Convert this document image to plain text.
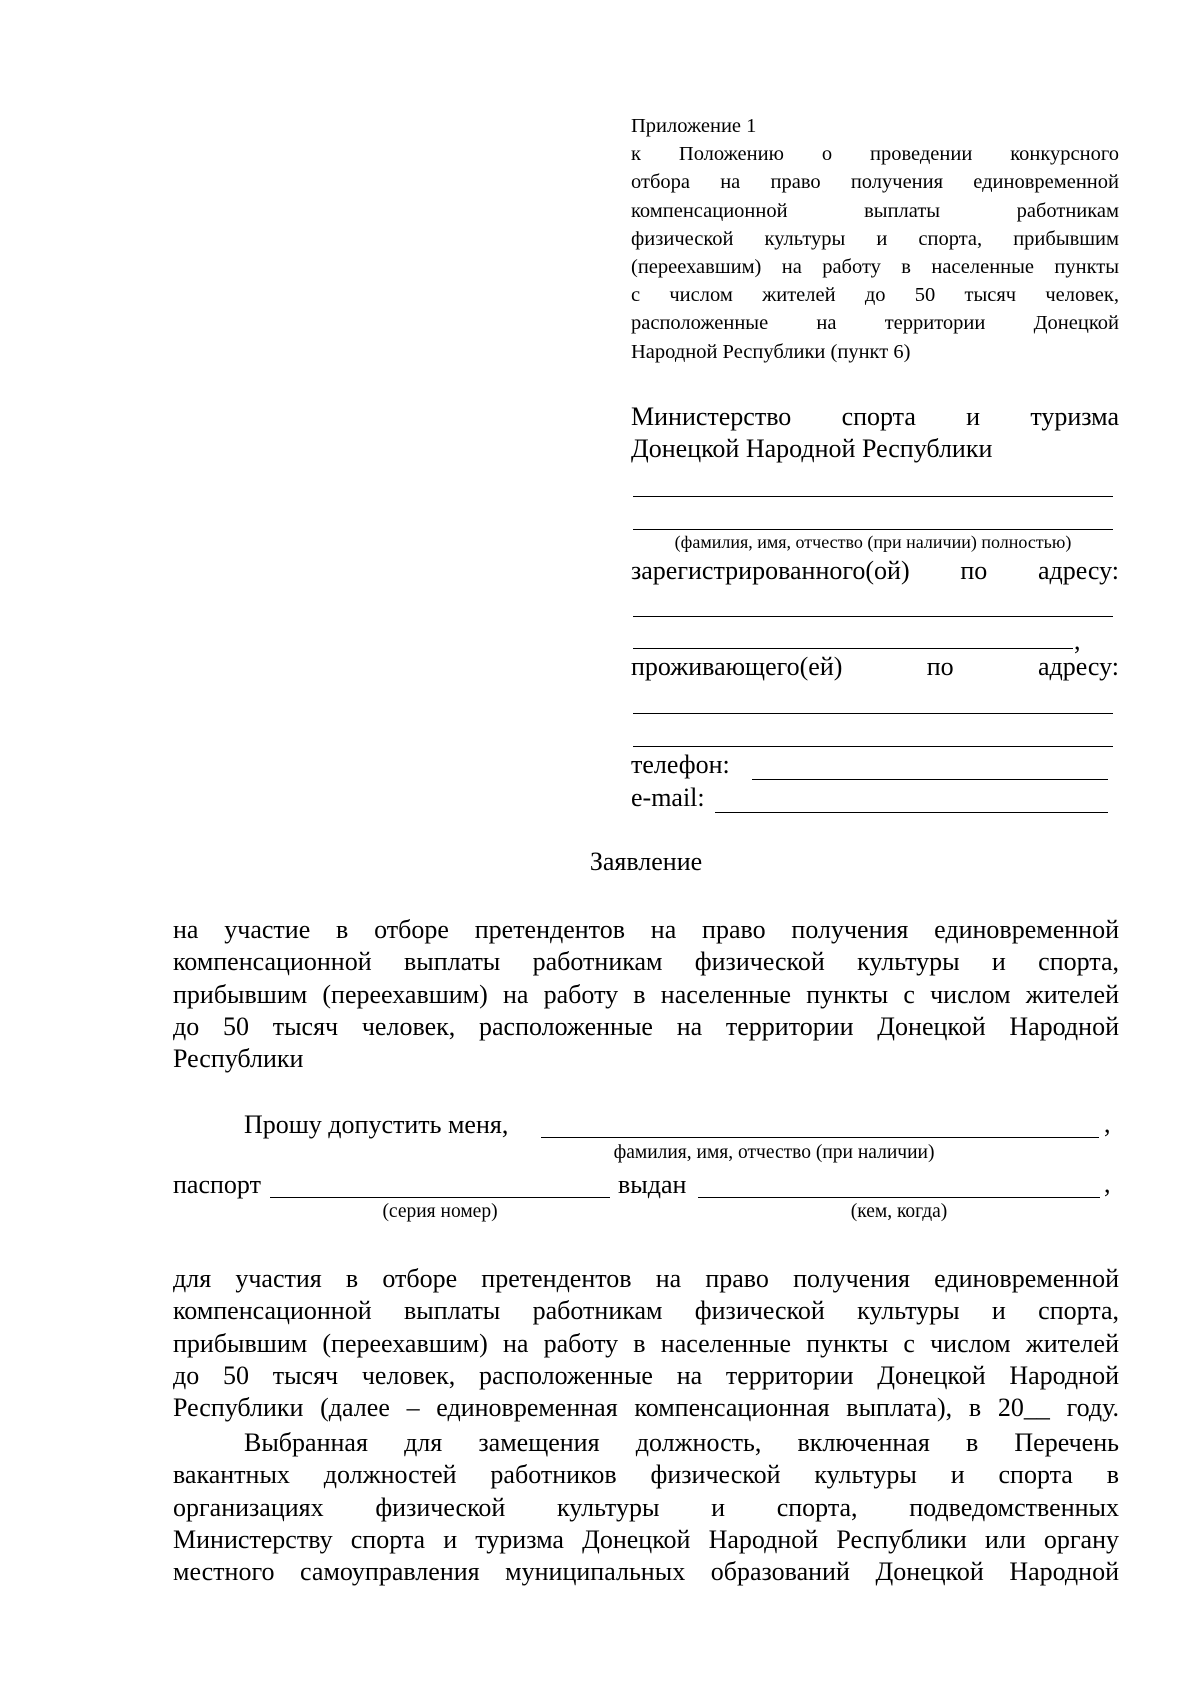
Приложение 1
к Положению о проведении конкурсного
отбора на право получения единовременной
компенсационной выплаты работникам
физической культуры и спорта, прибывшим
(переехавшим) на работу в населенные пункты
с числом жителей до 50 тысяч человек,
расположенные на территории Донецкой
Народной Республики (пункт 6)
Министерство спорта и туризма
Донецкой Народной Республики
(фамилия, имя, отчество (при наличии) полностью)
зарегистрированного(ой) по адресу:
,
проживающего(ей) по адресу:
телефон:
e-mail:
Заявление
на участие в отборе претендентов на право получения единовременной
компенсационной выплаты работникам физической культуры и спорта,
прибывшим (переехавшим) на работу в населенные пункты с числом жителей
до 50 тысяч человек, расположенные на территории Донецкой Народной
Республики
Прошу допустить меня,	,
фамилия, имя, отчество (при наличии)
паспорт	выдан	,
(серия номер)	(кем, когда)
для участия в отборе претендентов на право получения единовременной
компенсационной выплаты работникам физической культуры и спорта,
прибывшим (переехавшим) на работу в населенные пункты с числом жителей
до 50 тысяч человек, расположенные на территории Донецкой Народной
Республики (далее – единовременная компенсационная выплата), в 20__ году.
Выбранная для замещения должность, включенная в Перечень
вакантных должностей работников физической культуры и спорта в
организациях физической культуры и спорта, подведомственных
Министерству спорта и туризма Донецкой Народной Республики или органу
местного самоуправления муниципальных образований Донецкой Народной
